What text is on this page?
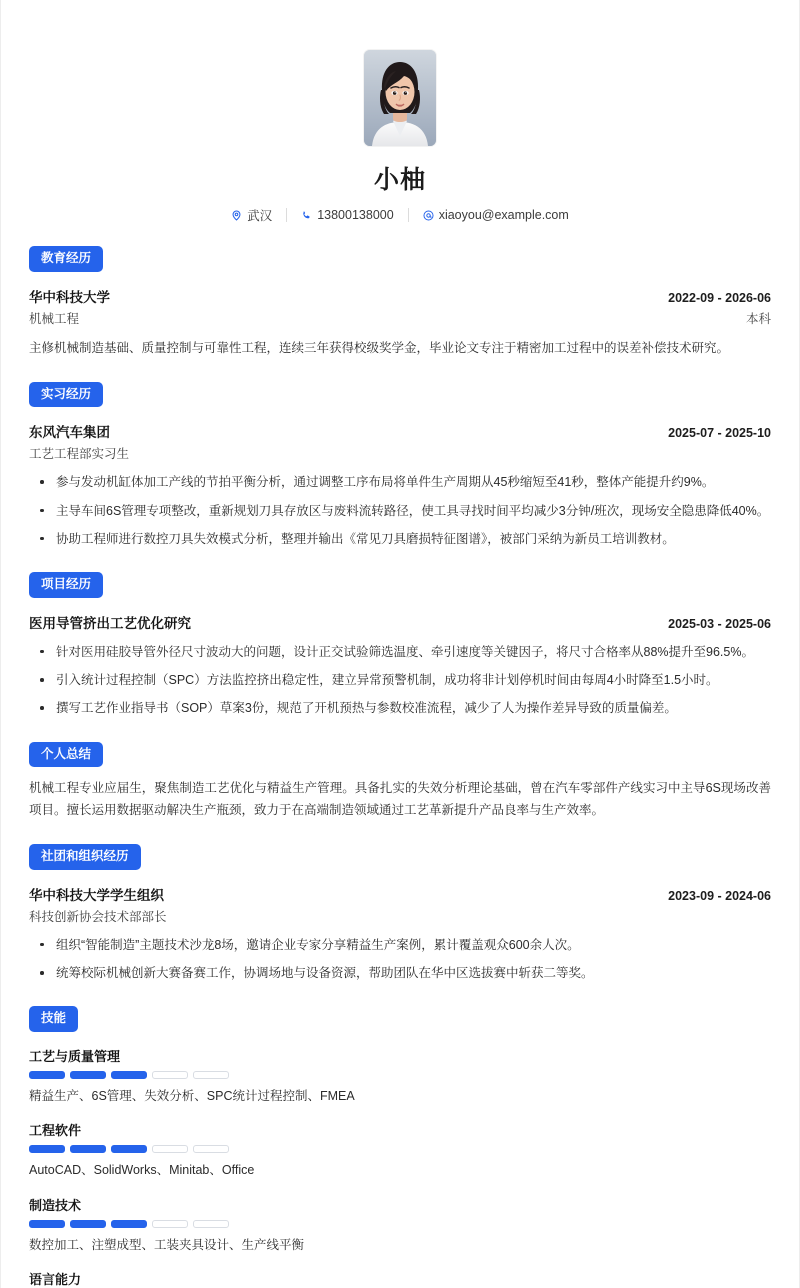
小柚
武汉	13800138000	xiaoyou@example.com
教育经历
华中科技大学	2022-09 - 2026-06
机械工程	本科

主修机械制造基础、质量控制与可靠性工程，连续三年获得校级奖学金，毕业论文专注于精密加工过程中的误差补偿技术研究。

实习经历
东风汽车集团	2025-07 - 2025-10
工艺工程部实习生
参与发动机缸体加工产线的节拍平衡分析，通过调整工序布局将单件生产周期从45秒缩短至41秒，整体产能提升约9%。
主导车间6S管理专项整改，重新规划刀具存放区与废料流转路径，使工具寻找时间平均减少3分钟/班次，现场安全隐患降低40%。
协助工程师进行数控刀具失效模式分析，整理并输出《常见刀具磨损特征图谱》，被部门采纳为新员工培训教材。
项目经历
医用导管挤出工艺优化研究	2025-03 - 2025-06
针对医用硅胶导管外径尺寸波动大的问题，设计正交试验筛选温度、牵引速度等关键因子，将尺寸合格率从88%提升至96.5%。
引入统计过程控制（SPC）方法监控挤出稳定性，建立异常预警机制，成功将非计划停机时间由每周4小时降至1.5小时。
撰写工艺作业指导书（SOP）草案3份，规范了开机预热与参数校准流程，减少了人为操作差异导致的质量偏差。
个人总结

机械工程专业应届生，聚焦制造工艺优化与精益生产管理。具备扎实的失效分析理论基础，曾在汽车零部件产线实习中主导6S现场改善项目。擅长运用数据驱动解决生产瓶颈，致力于在高端制造领域通过工艺革新提升产品良率与生产效率。

社团和组织经历
华中科技大学学生组织	2023-09 - 2024-06
科技创新协会技术部部长
组织“智能制造”主题技术沙龙8场，邀请企业专家分享精益生产案例，累计覆盖观众600余人次。
统筹校际机械创新大赛备赛工作，协调场地与设备资源，帮助团队在华中区选拔赛中斩获二等奖。
技能
工艺与质量管理
精益生产、6S管理、失效分析、SPC统计过程控制、FMEA
工程软件
AutoCAD、SolidWorks、Minitab、Office
制造技术
数控加工、注塑成型、工装夹具设计、生产线平衡
语言能力
